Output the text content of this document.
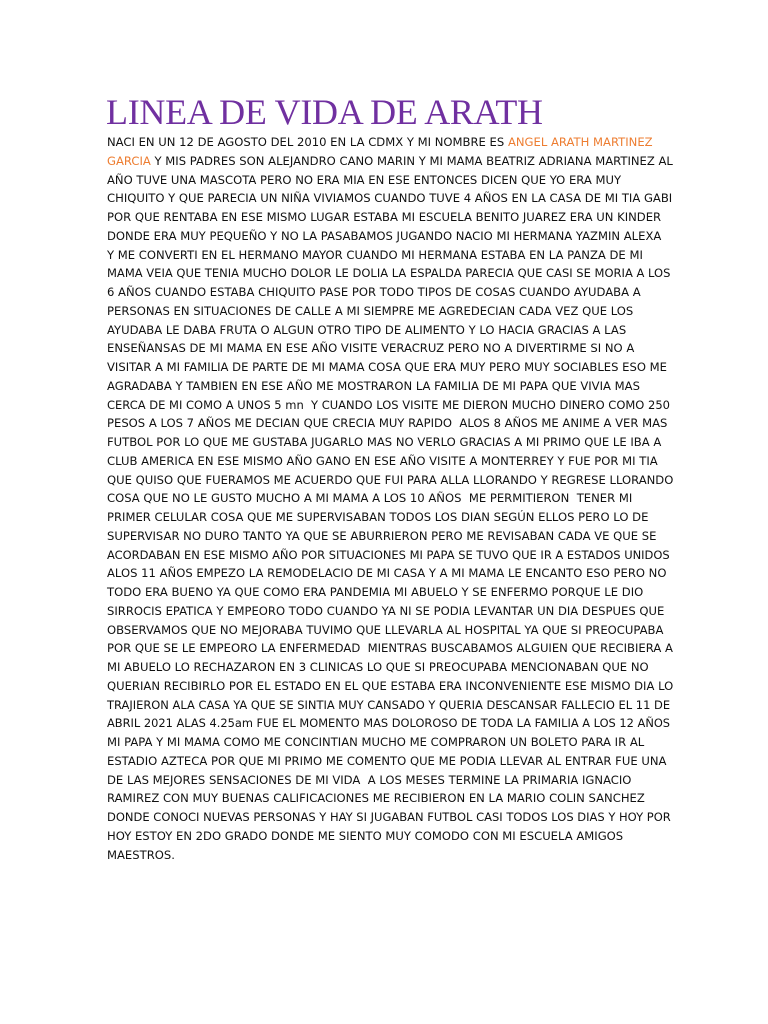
LINEA DE VIDA DE ARATH
NACI EN UN 12 DE AGOSTO DEL 2010 EN LA CDMX Y MI NOMBRE ES ANGEL ARATH MARTINEZ
GARCIA Y MIS PADRES SON ALEJANDRO CANO MARIN Y MI MAMA BEATRIZ ADRIANA MARTINEZ AL
AÑO TUVE UNA MASCOTA PERO NO ERA MIA EN ESE ENTONCES DICEN QUE YO ERA MUY
CHIQUITO Y QUE PARECIA UN NIÑA VIVIAMOS CUANDO TUVE 4 AÑOS EN LA CASA DE MI TIA GABI
POR QUE RENTABA EN ESE MISMO LUGAR ESTABA MI ESCUELA BENITO JUAREZ ERA UN KINDER
DONDE ERA MUY PEQUEÑO Y NO LA PASABAMOS JUGANDO NACIO MI HERMANA YAZMIN ALEXA
Y ME CONVERTI EN EL HERMANO MAYOR CUANDO MI HERMANA ESTABA EN LA PANZA DE MI
MAMA VEIA QUE TENIA MUCHO DOLOR LE DOLIA LA ESPALDA PARECIA QUE CASI SE MORIA A LOS
6 AÑOS CUANDO ESTABA CHIQUITO PASE POR TODO TIPOS DE COSAS CUANDO AYUDABA A
PERSONAS EN SITUACIONES DE CALLE A MI SIEMPRE ME AGREDECIAN CADA VEZ QUE LOS
AYUDABA LE DABA FRUTA O ALGUN OTRO TIPO DE ALIMENTO Y LO HACIA GRACIAS A LAS
ENSEÑANSAS DE MI MAMA EN ESE AÑO VISITE VERACRUZ PERO NO A DIVERTIRME SI NO A
VISITAR A MI FAMILIA DE PARTE DE MI MAMA COSA QUE ERA MUY PERO MUY SOCIABLES ESO ME
AGRADABA Y TAMBIEN EN ESE AÑO ME MOSTRARON LA FAMILIA DE MI PAPA QUE VIVIA MAS
CERCA DE MI COMO A UNOS 5 mn  Y CUANDO LOS VISITE ME DIERON MUCHO DINERO COMO 250
PESOS A LOS 7 AÑOS ME DECIAN QUE CRECIA MUY RAPIDO  ALOS 8 AÑOS ME ANIME A VER MAS
FUTBOL POR LO QUE ME GUSTABA JUGARLO MAS NO VERLO GRACIAS A MI PRIMO QUE LE IBA A
CLUB AMERICA EN ESE MISMO AÑO GANO EN ESE AÑO VISITE A MONTERREY Y FUE POR MI TIA
QUE QUISO QUE FUERAMOS ME ACUERDO QUE FUI PARA ALLA LLORANDO Y REGRESE LLORANDO
COSA QUE NO LE GUSTO MUCHO A MI MAMA A LOS 10 AÑOS  ME PERMITIERON  TENER MI
PRIMER CELULAR COSA QUE ME SUPERVISABAN TODOS LOS DIAN SEGÚN ELLOS PERO LO DE
SUPERVISAR NO DURO TANTO YA QUE SE ABURRIERON PERO ME REVISABAN CADA VE QUE SE
ACORDABAN EN ESE MISMO AÑO POR SITUACIONES MI PAPA SE TUVO QUE IR A ESTADOS UNIDOS
ALOS 11 AÑOS EMPEZO LA REMODELACIO DE MI CASA Y A MI MAMA LE ENCANTO ESO PERO NO
TODO ERA BUENO YA QUE COMO ERA PANDEMIA MI ABUELO Y SE ENFERMO PORQUE LE DIO
SIRROCIS EPATICA Y EMPEORO TODO CUANDO YA NI SE PODIA LEVANTAR UN DIA DESPUES QUE
OBSERVAMOS QUE NO MEJORABA TUVIMO QUE LLEVARLA AL HOSPITAL YA QUE SI PREOCUPABA
POR QUE SE LE EMPEORO LA ENFERMEDAD  MIENTRAS BUSCABAMOS ALGUIEN QUE RECIBIERA A
MI ABUELO LO RECHAZARON EN 3 CLINICAS LO QUE SI PREOCUPABA MENCIONABAN QUE NO
QUERIAN RECIBIRLO POR EL ESTADO EN EL QUE ESTABA ERA INCONVENIENTE ESE MISMO DIA LO
TRAJIERON ALA CASA YA QUE SE SINTIA MUY CANSADO Y QUERIA DESCANSAR FALLECIO EL 11 DE
ABRIL 2021 ALAS 4.25am FUE EL MOMENTO MAS DOLOROSO DE TODA LA FAMILIA A LOS 12 AÑOS
MI PAPA Y MI MAMA COMO ME CONCINTIAN MUCHO ME COMPRARON UN BOLETO PARA IR AL
ESTADIO AZTECA POR QUE MI PRIMO ME COMENTO QUE ME PODIA LLEVAR AL ENTRAR FUE UNA
DE LAS MEJORES SENSACIONES DE MI VIDA  A LOS MESES TERMINE LA PRIMARIA IGNACIO
RAMIREZ CON MUY BUENAS CALIFICACIONES ME RECIBIERON EN LA MARIO COLIN SANCHEZ
DONDE CONOCI NUEVAS PERSONAS Y HAY SI JUGABAN FUTBOL CASI TODOS LOS DIAS Y HOY POR
HOY ESTOY EN 2DO GRADO DONDE ME SIENTO MUY COMODO CON MI ESCUELA AMIGOS
MAESTROS.
